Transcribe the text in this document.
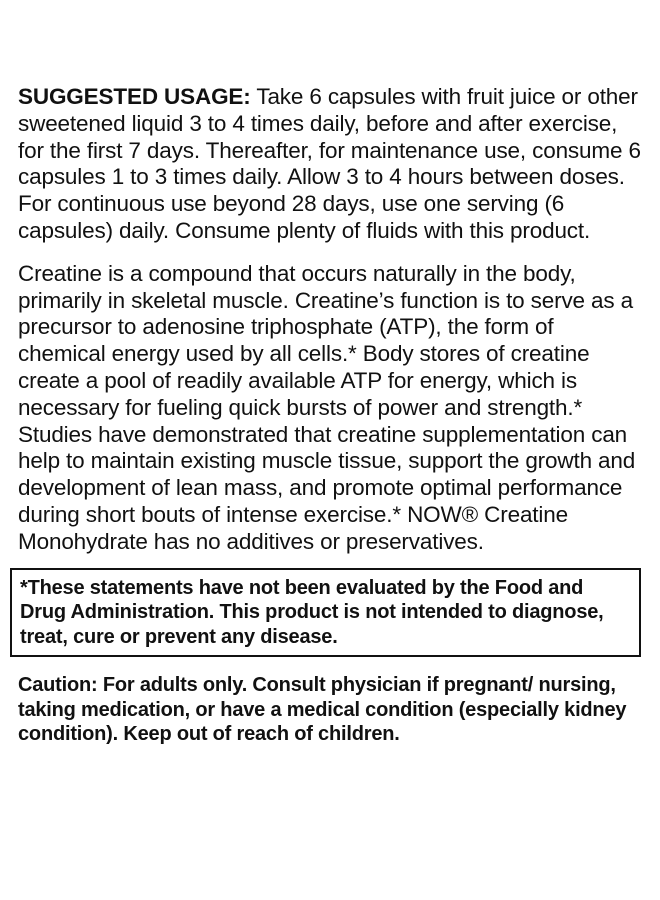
SUGGESTED USAGE: Take 6 capsules with fruit juice or other sweetened liquid 3 to 4 times daily, before and after exercise, for the first 7 days. Thereafter, for maintenance use, consume 6 capsules 1 to 3 times daily. Allow 3 to 4 hours between doses. For continuous use beyond 28 days, use one serving (6 capsules) daily. Consume plenty of fluids with this product.

Creatine is a compound that occurs naturally in the body, primarily in skeletal muscle. Creatine’s function is to serve as a precursor to adenosine triphosphate (ATP), the form of chemical energy used by all cells.* Body stores of creatine create a pool of readily available ATP for energy, which is necessary for fueling quick bursts of power and strength.* Studies have demonstrated that creatine supplementation can help to maintain existing muscle tissue, support the growth and development of lean mass, and promote optimal performance during short bouts of intense exercise.* NOW® Creatine Monohydrate has no additives or preservatives.

*These statements have not been evaluated by the Food and Drug Administration. This product is not intended to diagnose, treat, cure or prevent any disease.

Caution: For adults only. Consult physician if pregnant/ nursing, taking medication, or have a medical condition (especially kidney condition). Keep out of reach of children.
